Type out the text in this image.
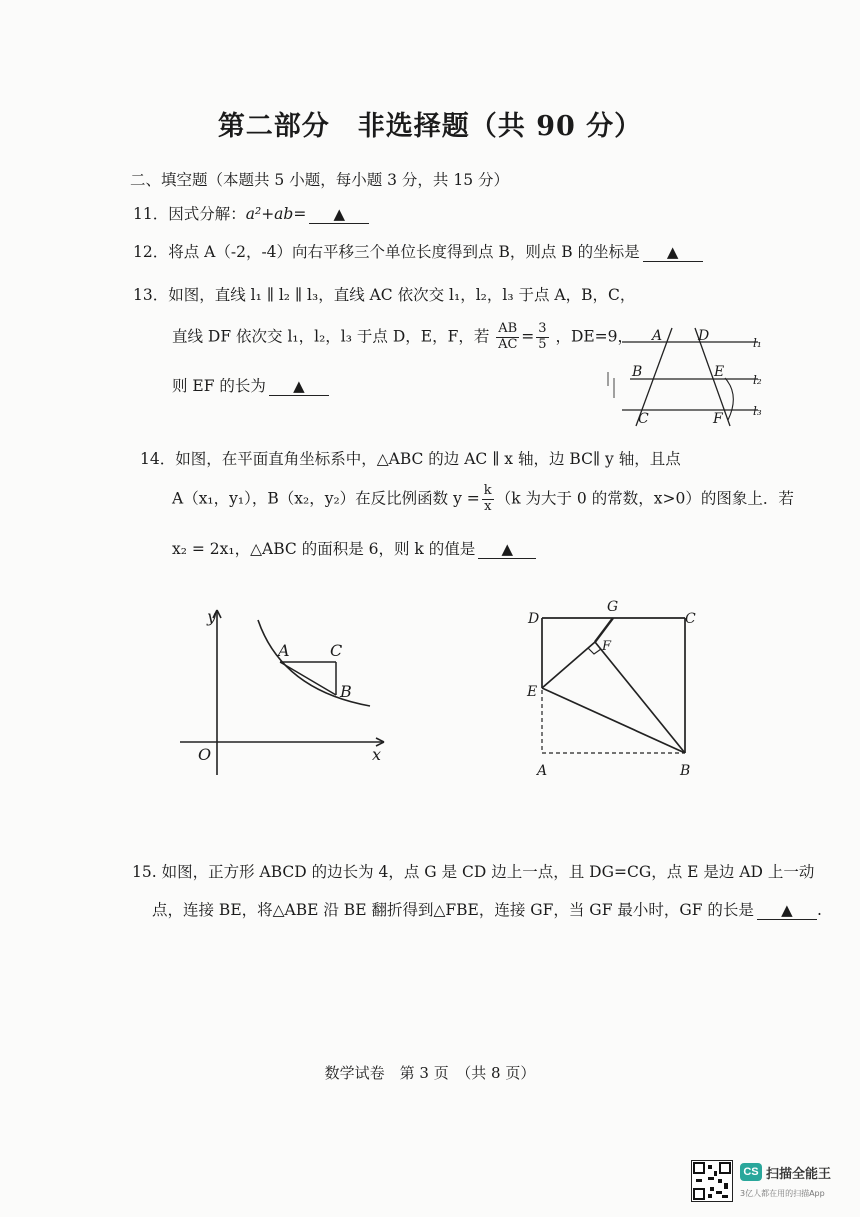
第二部分　非选择题（共 90 分）
二、填空题（本题共 5 小题，每小题 3 分，共 15 分）
11．因式分解：a²+ab= ▲
12．将点 A（-2，-4）向右平移三个单位长度得到点 B，则点 B 的坐标是 ▲
13．如图，直线 l₁ ∥ l₂ ∥ l₃，直线 AC 依次交 l₁，l₂，l₃ 于点 A，B，C，
直线 DF 依次交 l₁，l₂，l₃ 于点 D，E，F，若 $\frac{AB}{AC} = \frac{3}{5}$ ，DE=9，
则 EF 的长为 ▲
A	D
B	E
C	F
l₁
l₂
l₃
14．如图，在平面直角坐标系中，△ABC 的边 AC ∥ x 轴，边 BC∥ y 轴，且点
A（x₁，y₁），B（x₂，y₂）在反比例函数 $y = \frac{k}{x} (k$ 为大于 0 的常数，x>0）的图象上．若
x₂ = 2x₁，△ABC 的面积是 6，则 k 的值是 ▲
y
x
O
A	C
B
D
G
C
F
E
A	B
15. 如图，正方形 ABCD 的边长为 4，点 G 是 CD 边上一点，且 DG=CG，点 E 是边 AD 上一动
点，连接 BE，将△ABE 沿 BE 翻折得到△FBE，连接 GF，当 GF 最小时，GF 的长是 ▲ .
数学试卷　第 3 页　（共 8 页）
CS 扫描全能王
3亿人都在用的扫描App
